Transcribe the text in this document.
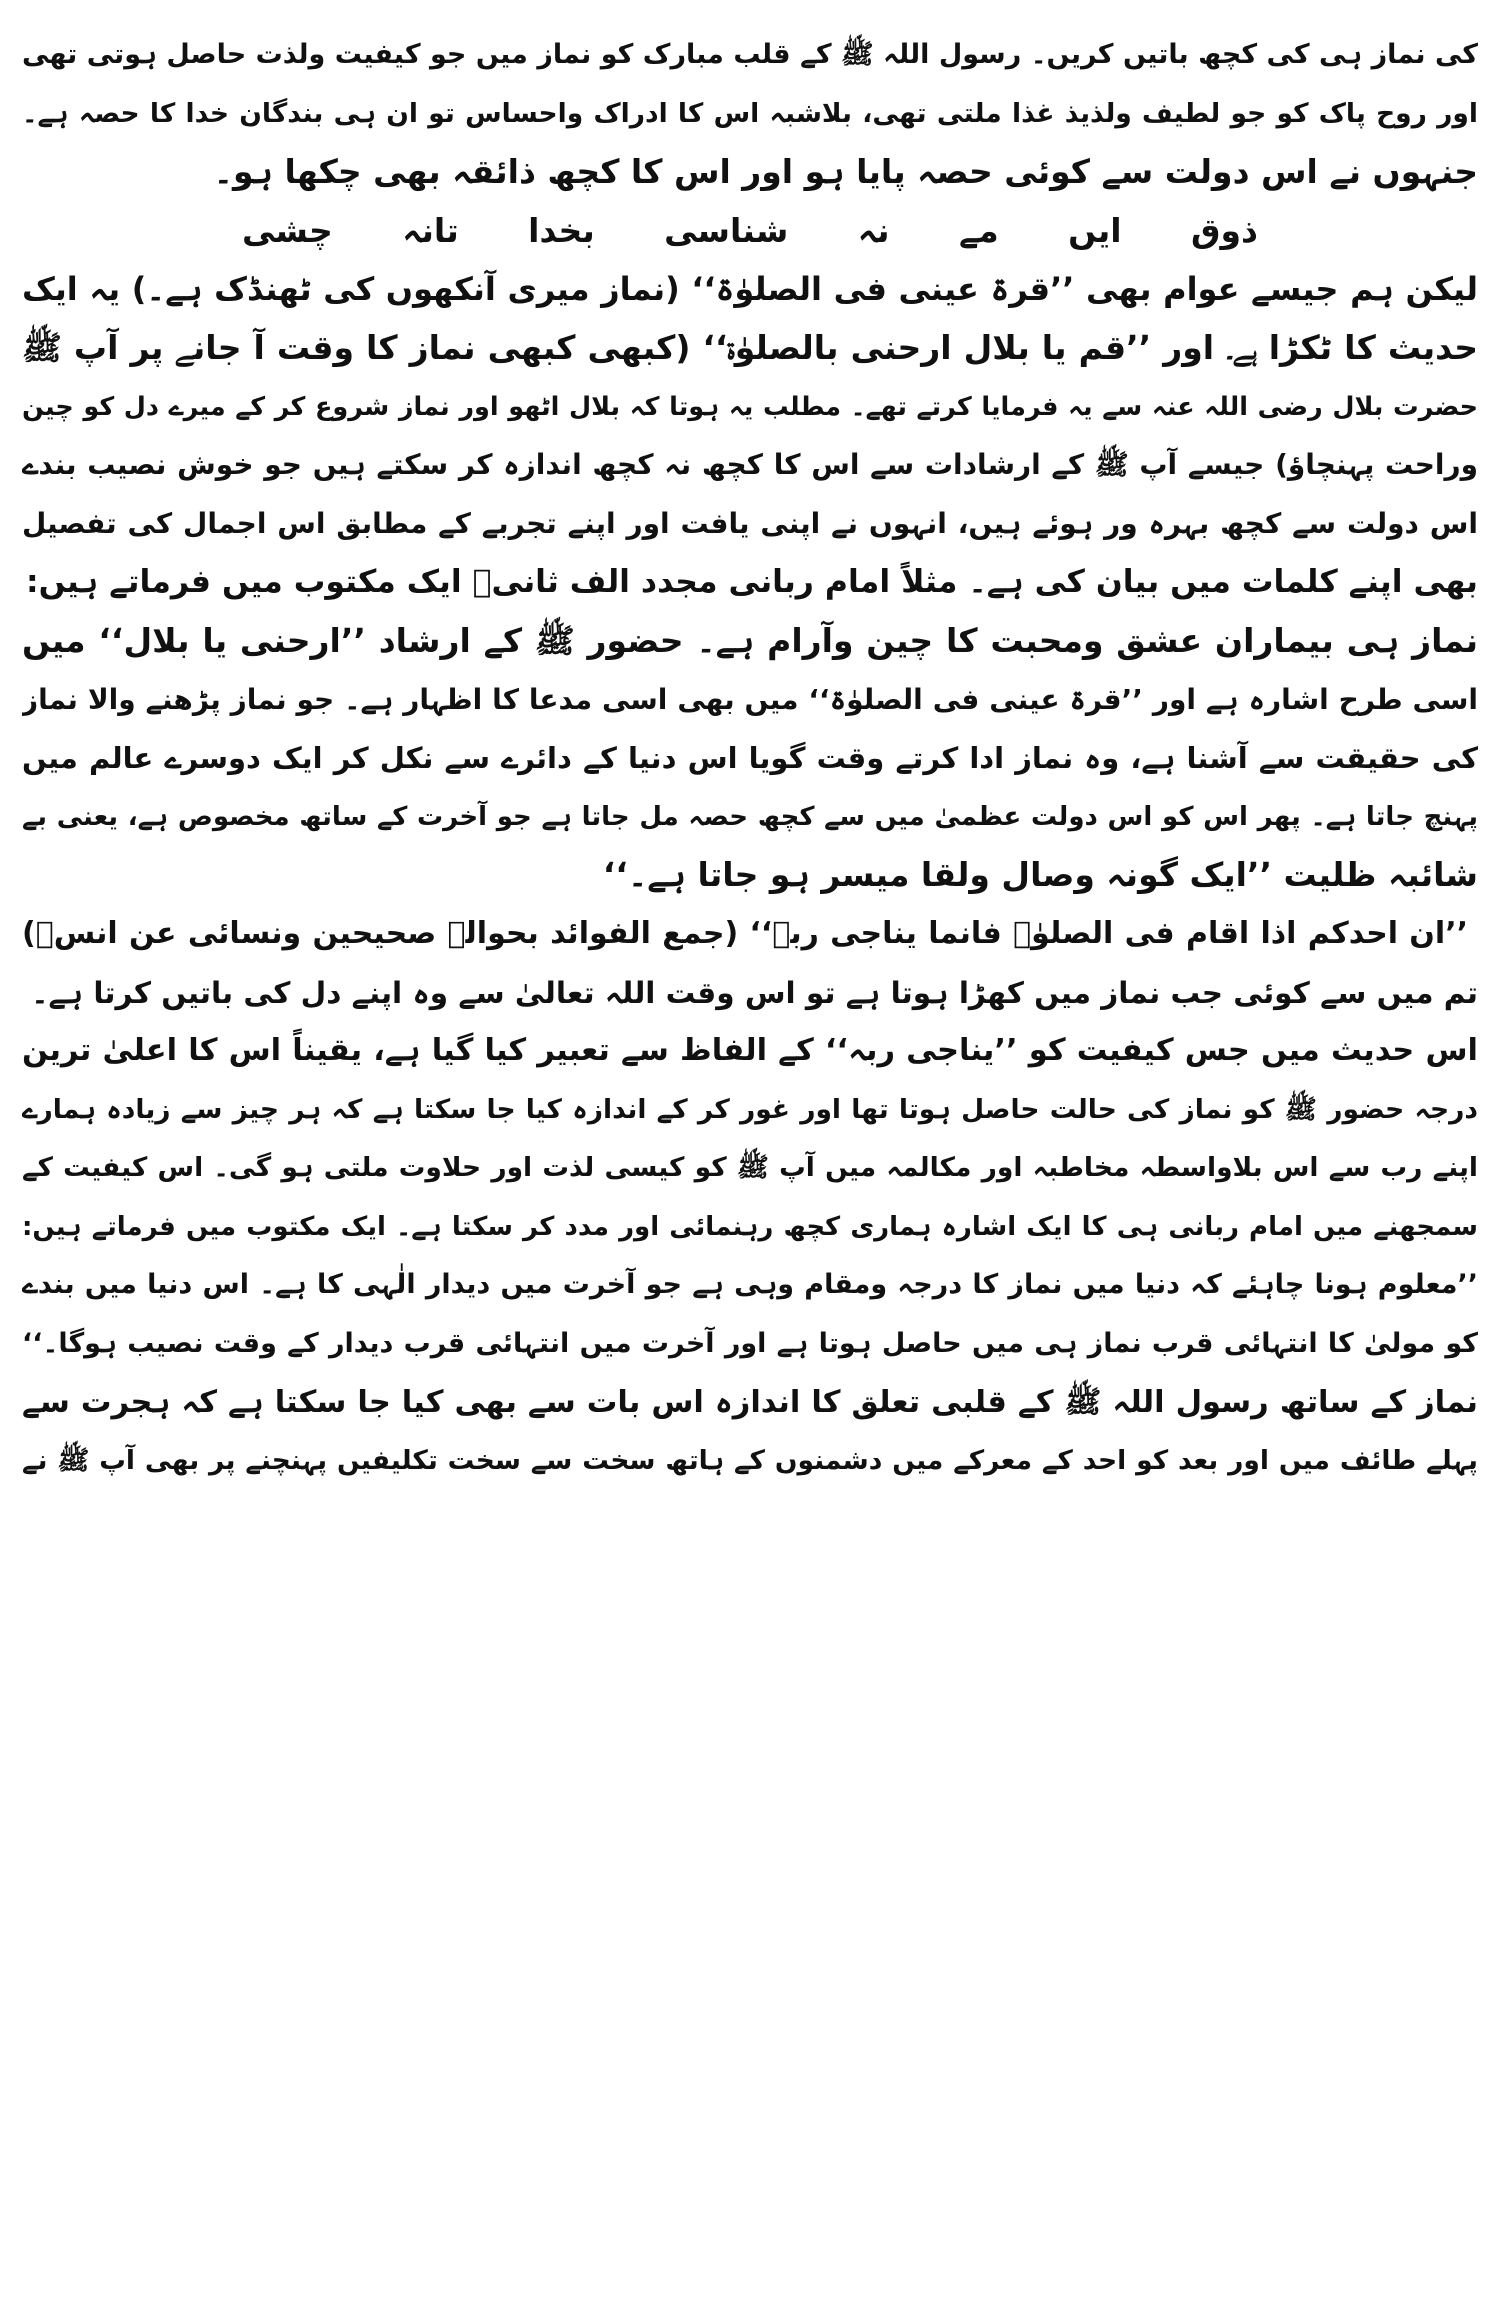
کی نماز ہی کی کچھ باتیں کریں۔ رسول اللہ ﷺ کے قلب مبارک کو نماز میں جو کیفیت ولذت حاصل ہوتی تھی
اور روح پاک کو جو لطیف ولذیذ غذا ملتی تھی، بلاشبہ اس کا ادراک واحساس تو ان ہی بندگان خدا کا حصہ ہے۔
جنہوں نے اس دولت سے کوئی حصہ پایا ہو اور اس کا کچھ ذائقہ بھی چکھا ہو۔
ذوق ایں مے نہ شناسی بخدا تانہ چشی
لیکن ہم جیسے عوام بھی ’’قرۃ عینی فی الصلوٰۃ‘‘ (نماز میری آنکھوں کی ٹھنڈک ہے۔) یہ ایک
حدیث کا ٹکڑا ہے۔ اور ’’قم یا بلال ارحنی بالصلوٰۃ‘‘ (کبھی کبھی نماز کا وقت آ جانے پر آپ ﷺ
حضرت بلال رضی اللہ عنہ سے یہ فرمایا کرتے تھے۔ مطلب یہ ہوتا کہ بلال اٹھو اور نماز شروع کر کے میرے دل کو چین
وراحت پہنچاؤ) جیسے آپ ﷺ کے ارشادات سے اس کا کچھ نہ کچھ اندازہ کر سکتے ہیں جو خوش نصیب بندے
اس دولت سے کچھ بہرہ ور ہوئے ہیں، انہوں نے اپنی یافت اور اپنے تجربے کے مطابق اس اجمال کی تفصیل
بھی اپنے کلمات میں بیان کی ہے۔ مثلاً امام ربانی مجدد الف ثانیؒ ایک مکتوب میں فرماتے ہیں:
نماز ہی بیماران عشق ومحبت کا چین وآرام ہے۔ حضور ﷺ کے ارشاد ’’ارحنی یا بلال‘‘ میں
اسی طرح اشارہ ہے اور ’’قرۃ عینی فی الصلوٰۃ‘‘ میں بھی اسی مدعا کا اظہار ہے۔ جو نماز پڑھنے والا نماز
کی حقیقت سے آشنا ہے، وہ نماز ادا کرتے وقت گویا اس دنیا کے دائرے سے نکل کر ایک دوسرے عالم میں
پہنچ جاتا ہے۔ پھر اس کو اس دولت عظمیٰ میں سے کچھ حصہ مل جاتا ہے جو آخرت کے ساتھ مخصوص ہے، یعنی بے
شائبہ ظلیت ’’ایک گونہ وصال ولقا میسر ہو جاتا ہے۔‘‘
’’ان احدکم اذا اقام فی الصلوٰۃ فانما یناجی ربہ‘‘ (جمع الفوائد بحوالہ صحیحین ونسائی عن انسؓ)
تم میں سے کوئی جب نماز میں کھڑا ہوتا ہے تو اس وقت اللہ تعالیٰ سے وہ اپنے دل کی باتیں کرتا ہے۔
اس حدیث میں جس کیفیت کو ’’یناجی ربہ‘‘ کے الفاظ سے تعبیر کیا گیا ہے، یقیناً اس کا اعلیٰ ترین
درجہ حضور ﷺ کو نماز کی حالت حاصل ہوتا تھا اور غور کر کے اندازہ کیا جا سکتا ہے کہ ہر چیز سے زیادہ ہمارے
اپنے رب سے اس بلاواسطہ مخاطبہ اور مکالمہ میں آپ ﷺ کو کیسی لذت اور حلاوت ملتی ہو گی۔ اس کیفیت کے
سمجھنے میں امام ربانی ہی کا ایک اشارہ ہماری کچھ رہنمائی اور مدد کر سکتا ہے۔ ایک مکتوب میں فرماتے ہیں:
’’معلوم ہونا چاہئے کہ دنیا میں نماز کا درجہ ومقام وہی ہے جو آخرت میں دیدار الٰہی کا ہے۔ اس دنیا میں بندے
کو مولیٰ کا انتہائی قرب نماز ہی میں حاصل ہوتا ہے اور آخرت میں انتہائی قرب دیدار کے وقت نصیب ہوگا۔‘‘
نماز کے ساتھ رسول اللہ ﷺ کے قلبی تعلق کا اندازہ اس بات سے بھی کیا جا سکتا ہے کہ ہجرت سے
پہلے طائف میں اور بعد کو احد کے معرکے میں دشمنوں کے ہاتھ سخت سے سخت تکلیفیں پہنچنے پر بھی آپ ﷺ نے
